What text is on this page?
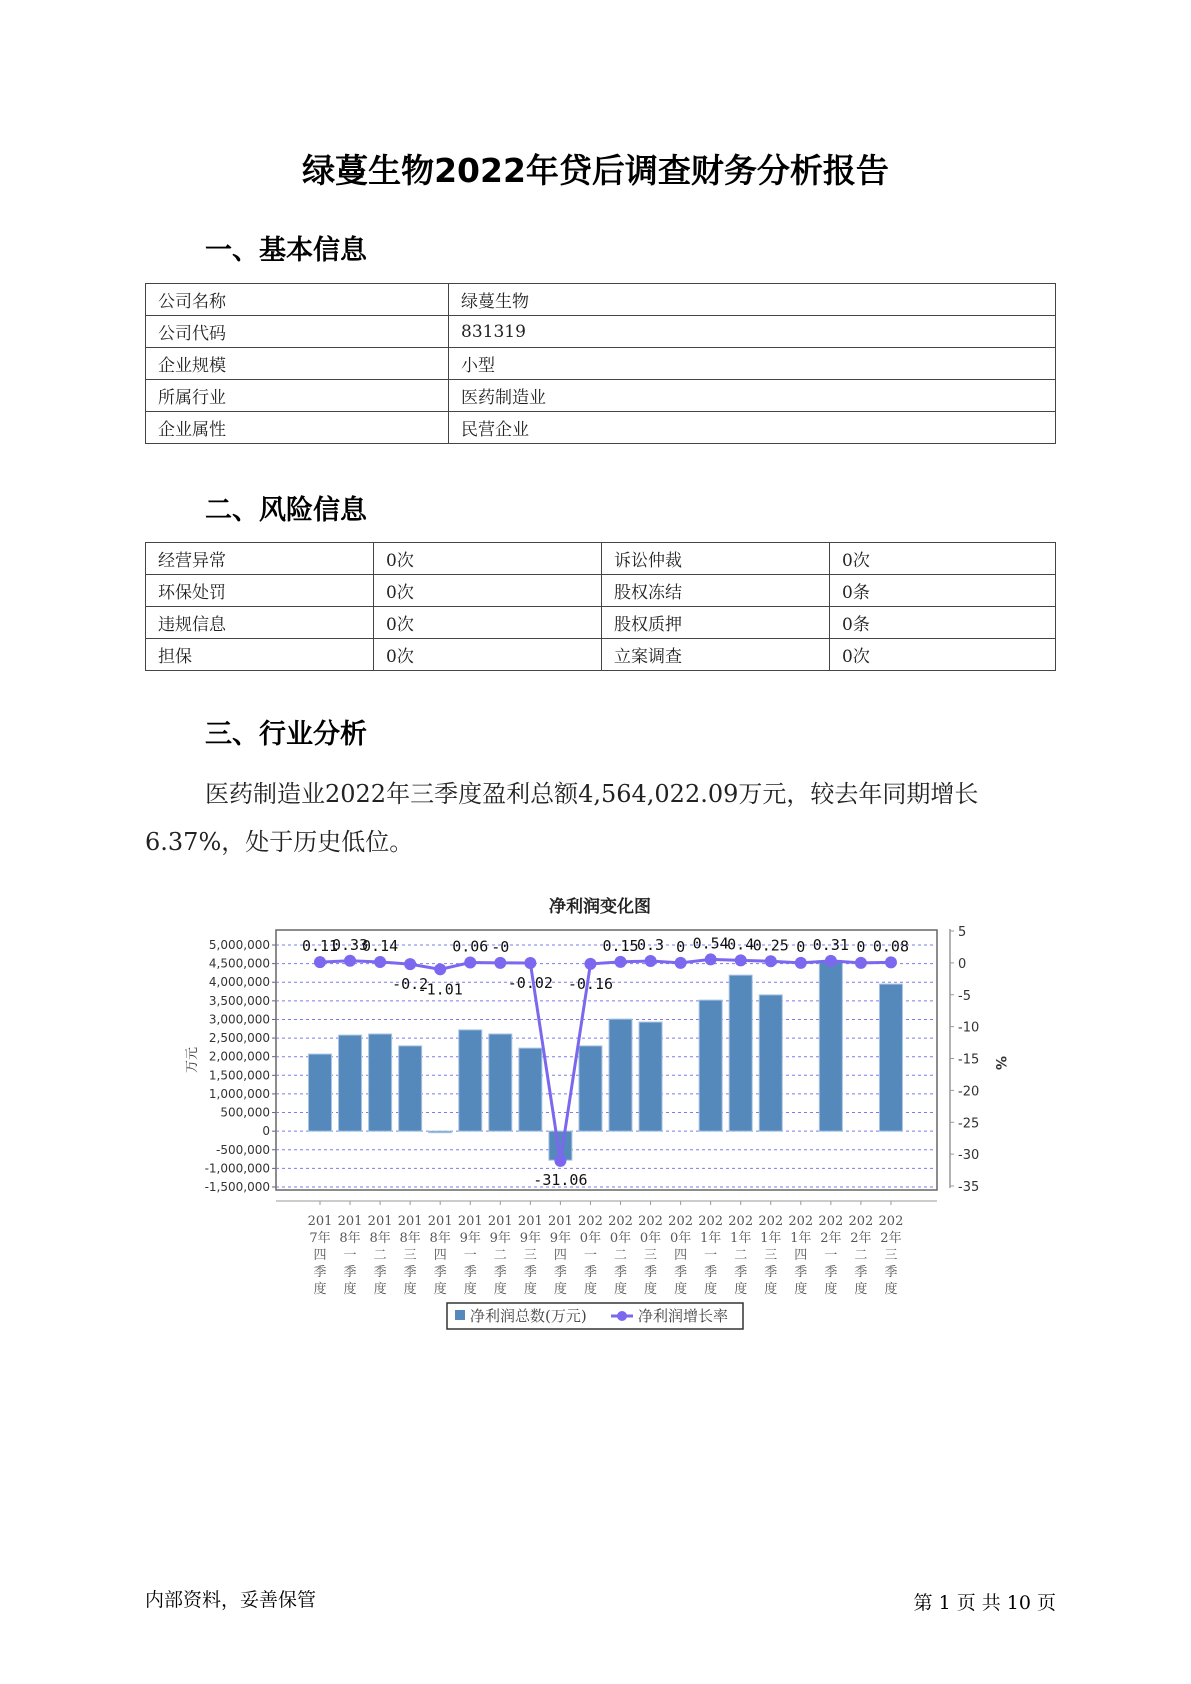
绿蔓生物2022年贷后调查财务分析报告
一、基本信息
公司名称	绿蔓生物
公司代码	831319
企业规模	小型
所属行业	医药制造业
企业属性	民营企业
二、风险信息
经营异常	0次	诉讼仲裁	0次
环保处罚	0次	股权冻结	0条
违规信息	0次	股权质押	0条
担保	0次	立案调查	0次
三、行业分析
医药制造业2022年三季度盈利总额4,564,022.09万元，较去年同期增长6.37%，处于历史低位。
净利润变化图
0.11
0.33
0.14
-0.2
-1.01
0.06 -0
-0.02
-31.06
-0.16
0.15
0.3 0 0.54
0.4
0.25 0 0.31 0 0.08
-1,500,000
-1,000,000
-500,000
0
500,000
1,000,000
1,500,000
2,000,000
2,500,000
3,000,000
3,500,000
4,000,000
4,500,000
5,000,000
万元
5
0
-5
-10
-15
-20
-25
-30
-35
%
201
7年
四
季
度
201
8年
一
季
度
201
8年
二
季
度
201
8年
三
季
度
201
8年
四
季
度
201
9年
一
季
度
201
9年
二
季
度
201
9年
三
季
度
201
9年
四
季
度
202
0年
一
季
度
202
0年
二
季
度
202
0年
三
季
度
202
0年
四
季
度
202
1年
一
季
度
202
1年
二
季
度
202
1年
三
季
度
202
1年
四
季
度
202
2年
一
季
度
202
2年
二
季
度
202
2年
三
季
度
净利润总数(万元)	净利润增长率
内部资料，妥善保管	第 1 页 共 10 页
